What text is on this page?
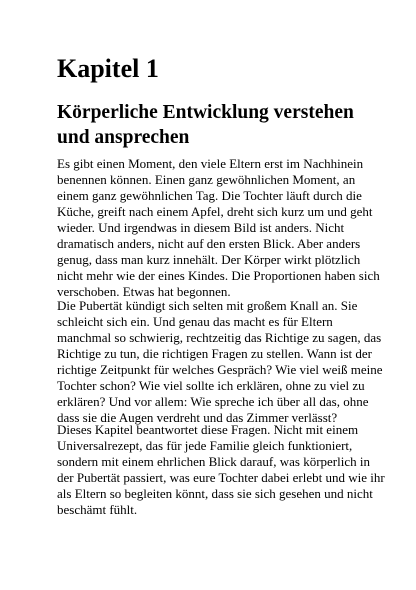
Kapitel 1
Körperliche Entwicklung verstehen
und ansprechen

Es gibt einen Moment, den viele Eltern erst im Nachhinein
benennen können. Einen ganz gewöhnlichen Moment, an
einem ganz gewöhnlichen Tag. Die Tochter läuft durch die
Küche, greift nach einem Apfel, dreht sich kurz um und geht
wieder. Und irgendwas in diesem Bild ist anders. Nicht
dramatisch anders, nicht auf den ersten Blick. Aber anders
genug, dass man kurz innehält. Der Körper wirkt plötzlich
nicht mehr wie der eines Kindes. Die Proportionen haben sich
verschoben. Etwas hat begonnen.

Die Pubertät kündigt sich selten mit großem Knall an. Sie
schleicht sich ein. Und genau das macht es für Eltern
manchmal so schwierig, rechtzeitig das Richtige zu sagen, das
Richtige zu tun, die richtigen Fragen zu stellen. Wann ist der
richtige Zeitpunkt für welches Gespräch? Wie viel weiß meine
Tochter schon? Wie viel sollte ich erklären, ohne zu viel zu
erklären? Und vor allem: Wie spreche ich über all das, ohne
dass sie die Augen verdreht und das Zimmer verlässt?

Dieses Kapitel beantwortet diese Fragen. Nicht mit einem
Universalrezept, das für jede Familie gleich funktioniert,
sondern mit einem ehrlichen Blick darauf, was körperlich in
der Pubertät passiert, was eure Tochter dabei erlebt und wie ihr
als Eltern so begleiten könnt, dass sie sich gesehen und nicht
beschämt fühlt.
